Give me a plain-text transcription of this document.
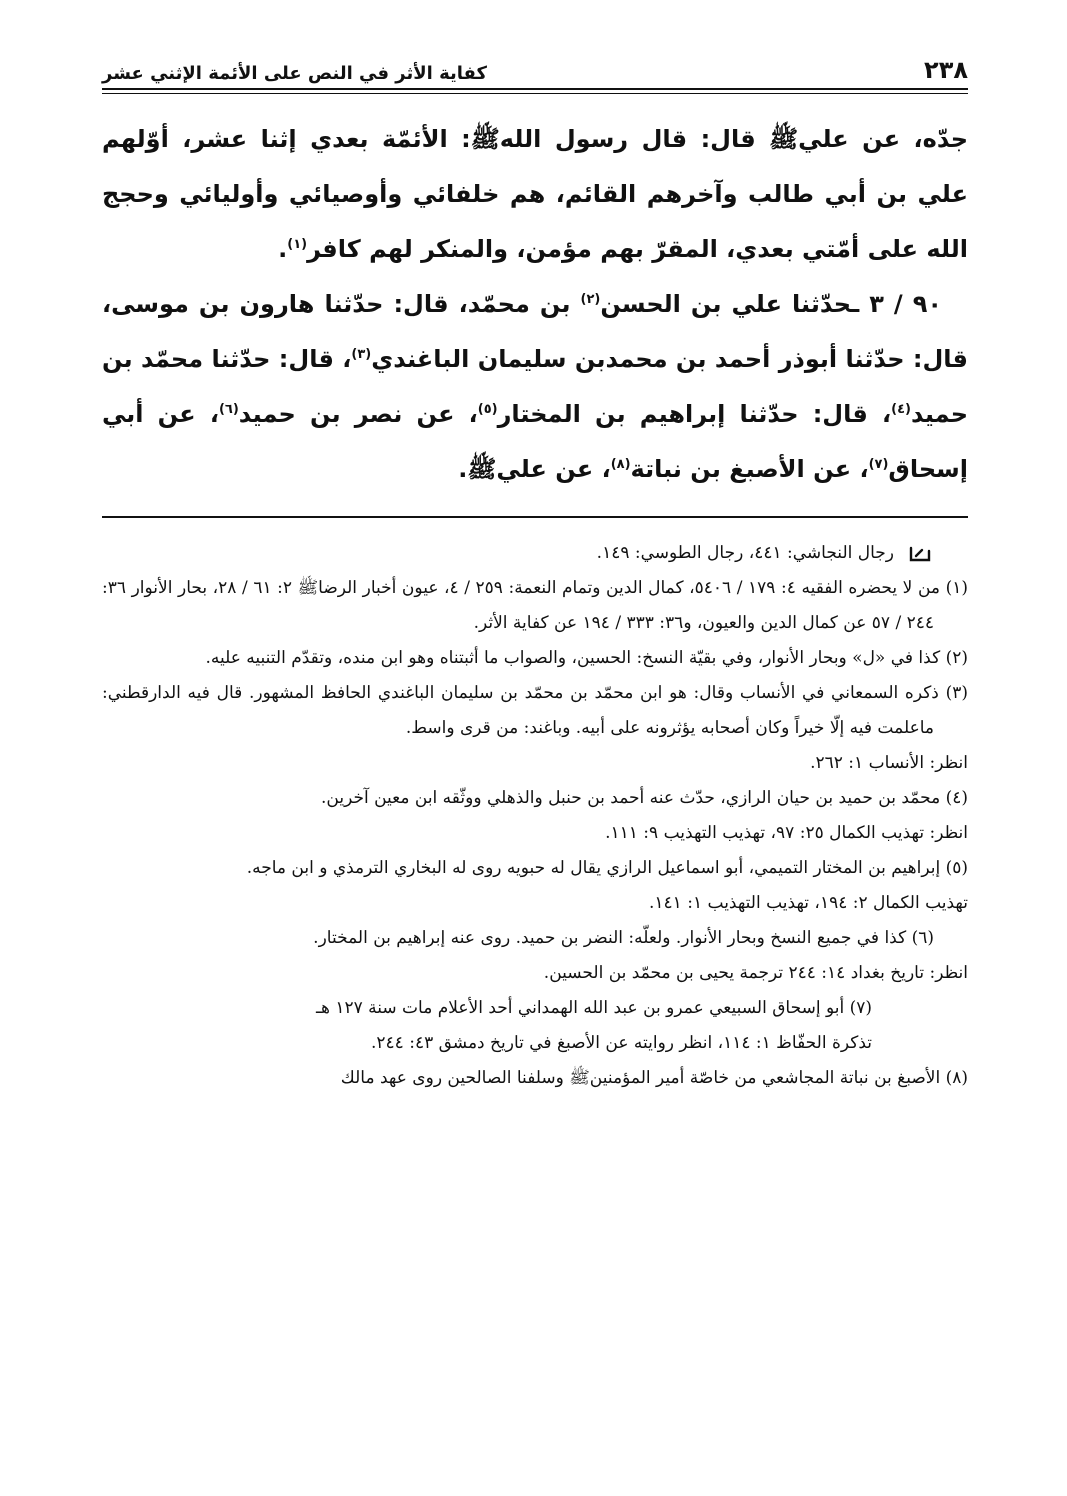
٢٣٨
كفاية الأثر في النص على الأئمة الإثني عشر

جدّه، عن عليﷺ قال: قال رسول اللهﷺ: الأئمّة بعدي إثنا عشر، أوّلهم علي بن أبي طالب وآخرهم القائم، هم خلفائي وأوصيائي وأوليائي وحجج الله على أمّتي بعدي، المقرّ بهم مؤمن، والمنكر لهم كافر$^{(١)}$.

٩٠ / ٣ ـحدّثنا علي بن الحسن$^{(٢)}$ بن محمّد، قال: حدّثنا هارون بن موسى، قال: حدّثنا أبوذر أحمد بن محمدبن سليمان الباغندي$^{(٣)}$، قال: حدّثنا محمّد بن حميد$^{(٤)}$، قال: حدّثنا إبراهيم بن المختار$^{(٥)}$، عن نصر بن حميد$^{(٦)}$، عن أبي إسحاق$^{(٧)}$، عن الأصبغ بن نباتة$^{(٨)}$، عن عليﷺ.

رجال النجاشي: ٤٤١، رجال الطوسي: ١٤٩.

(١) من لا يحضره الفقيه ٤: ١٧٩ / ٥٤٠٦، كمال الدين وتمام النعمة: ٢٥٩ / ٤، عيون أخبار الرضاﷺ ٢: ٦١ / ٢٨، بحار الأنوار ٣٦: ٢٤٤ / ٥٧ عن كمال الدين والعيون، و٣٦: ٣٣٣ / ١٩٤ عن كفاية الأثر.

(٢) كذا في «ل» وبحار الأنوار، وفي بقيّة النسخ: الحسين، والصواب ما أثبتناه وهو ابن منده، وتقدّم التنبيه عليه.

(٣) ذكره السمعاني في الأنساب وقال: هو ابن محمّد بن محمّد بن سليمان الباغندي الحافظ المشهور. قال فيه الدارقطني: ماعلمت فيه إلّا خيراً وكان أصحابه يؤثرونه على أبيه. وباغند: من قرى واسط.

انظر: الأنساب ١: ٢٦٢.

(٤) محمّد بن حميد بن حيان الرازي، حدّث عنه أحمد بن حنبل والذهلي ووثّقه ابن معين آخرين.

انظر: تهذيب الكمال ٢٥: ٩٧، تهذيب التهذيب ٩: ١١١.

(٥) إبراهيم بن المختار التميمي، أبو اسماعيل الرازي يقال له حبويه روى له البخاري الترمذي و ابن ماجه.

تهذيب الكمال ٢: ١٩٤، تهذيب التهذيب ١: ١٤١.

(٦) كذا في جميع النسخ وبحار الأنوار. ولعلّه: النضر بن حميد. روى عنه إبراهيم بن المختار.

انظر: تاريخ بغداد ١٤: ٢٤٤ ترجمة يحيى بن محمّد بن الحسين.

(٧) أبو إسحاق السبيعي عمرو بن عبد الله الهمداني أحد الأعلام مات سنة ١٢٧ هـ

تذكرة الحفّاظ ١: ١١٤، انظر روايته عن الأصبغ في تاريخ دمشق ٤٣: ٢٤٤.

(٨) الأصبغ بن نباتة المجاشعي من خاصّة أمير المؤمنينﷺ وسلفنا الصالحين روى عهد مالك
